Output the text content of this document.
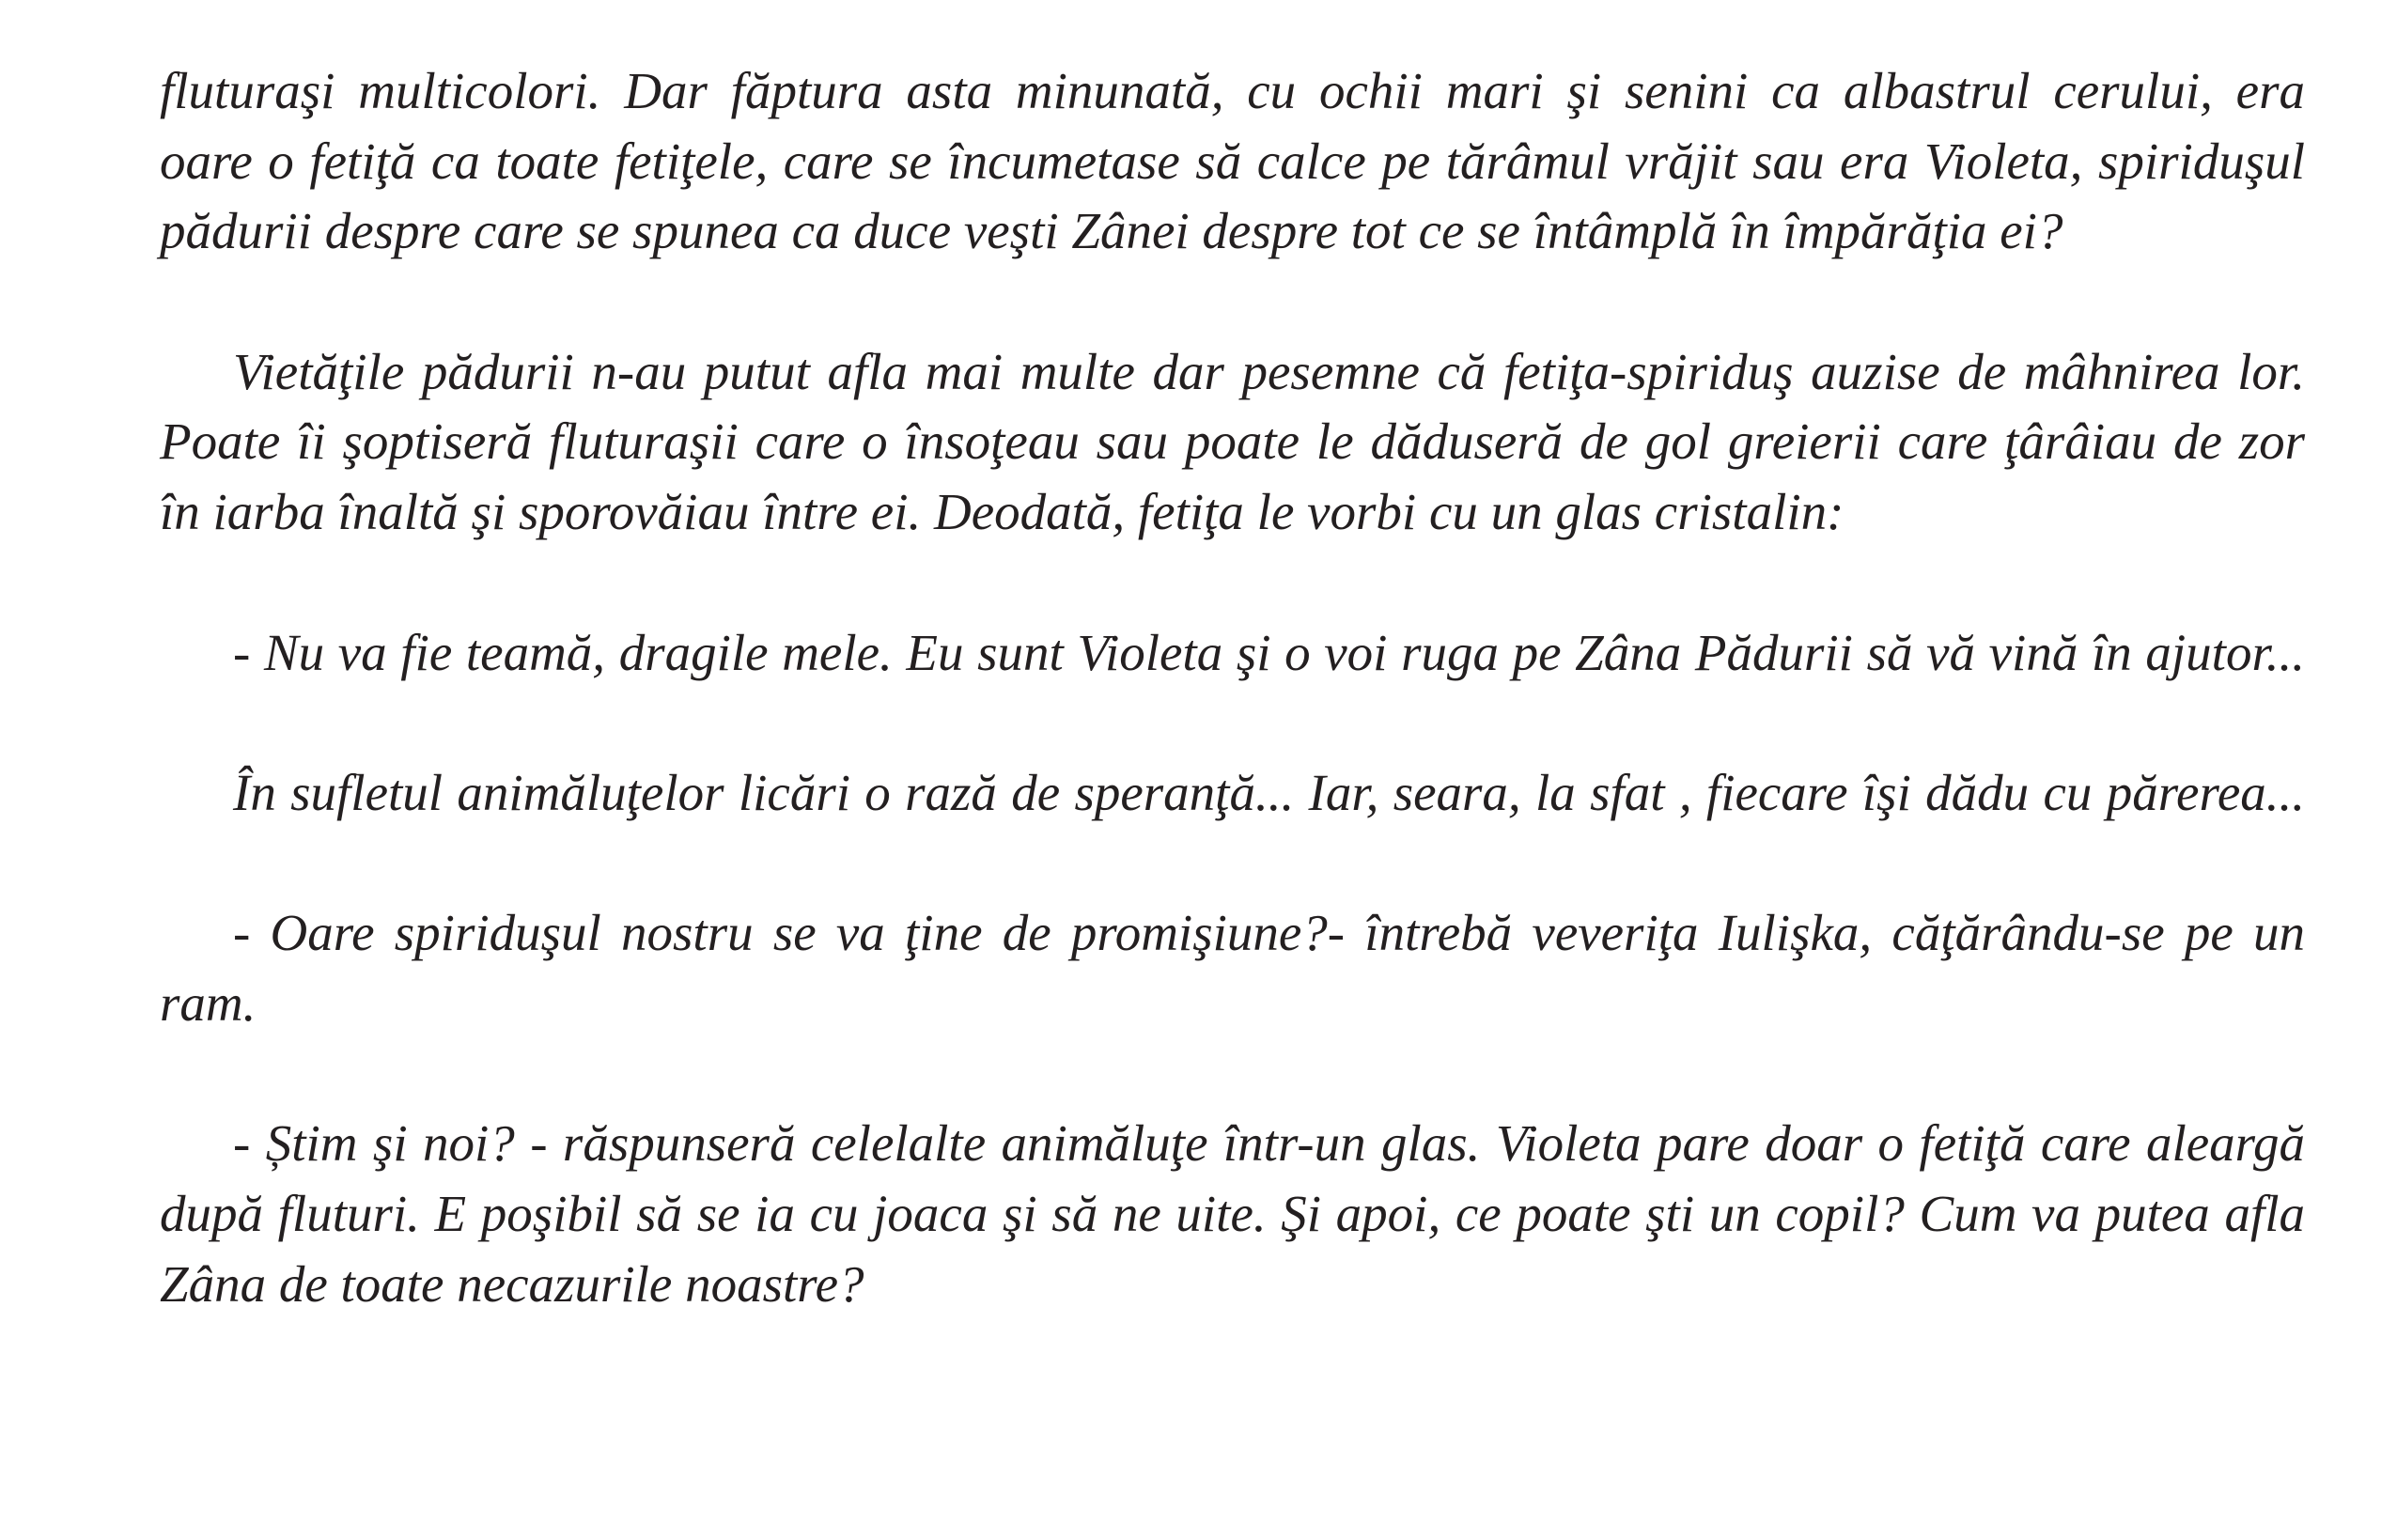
fluturaşi multicolori. Dar făptura asta minunată, cu ochii mari şi senini ca albastrul cerului, era
oare o fetiţă ca toate fetiţele, care se încumetase să calce pe tărâmul vrăjit sau era Violeta, spiriduşul
pădurii despre care se spunea ca duce veşti Zânei despre tot ce se întâmplă în împărăţia ei?
Vietăţile pădurii n-au putut afla mai multe dar pesemne că fetiţa-spiriduş auzise de mâhnirea lor.
Poate îi şoptiseră fluturaşii care o însoţeau sau poate le dăduseră de gol greierii care ţârâiau de zor
în iarba înaltă şi sporovăiau între ei. Deodată, fetiţa le vorbi cu un glas cristalin:
- Nu va fie teamă, dragile mele. Eu sunt Violeta şi o voi ruga pe Zâna Pădurii să vă vină în ajutor...
În sufletul animăluţelor licări o rază de speranţă... Iar, seara, la sfat , fiecare îşi dădu cu părerea...
- Oare spiriduşul nostru se va ţine de promişiune?- întrebă veveriţa Iulişka, căţărându-se pe un
ram.
- Știm şi noi? - răspunseră celelalte animăluţe într-un glas. Violeta pare doar o fetiţă care aleargă
după fluturi. E poşibil să se ia cu joaca şi să ne uite. Şi apoi, ce poate şti un copil? Cum va putea afla
Zâna de toate necazurile noastre?
